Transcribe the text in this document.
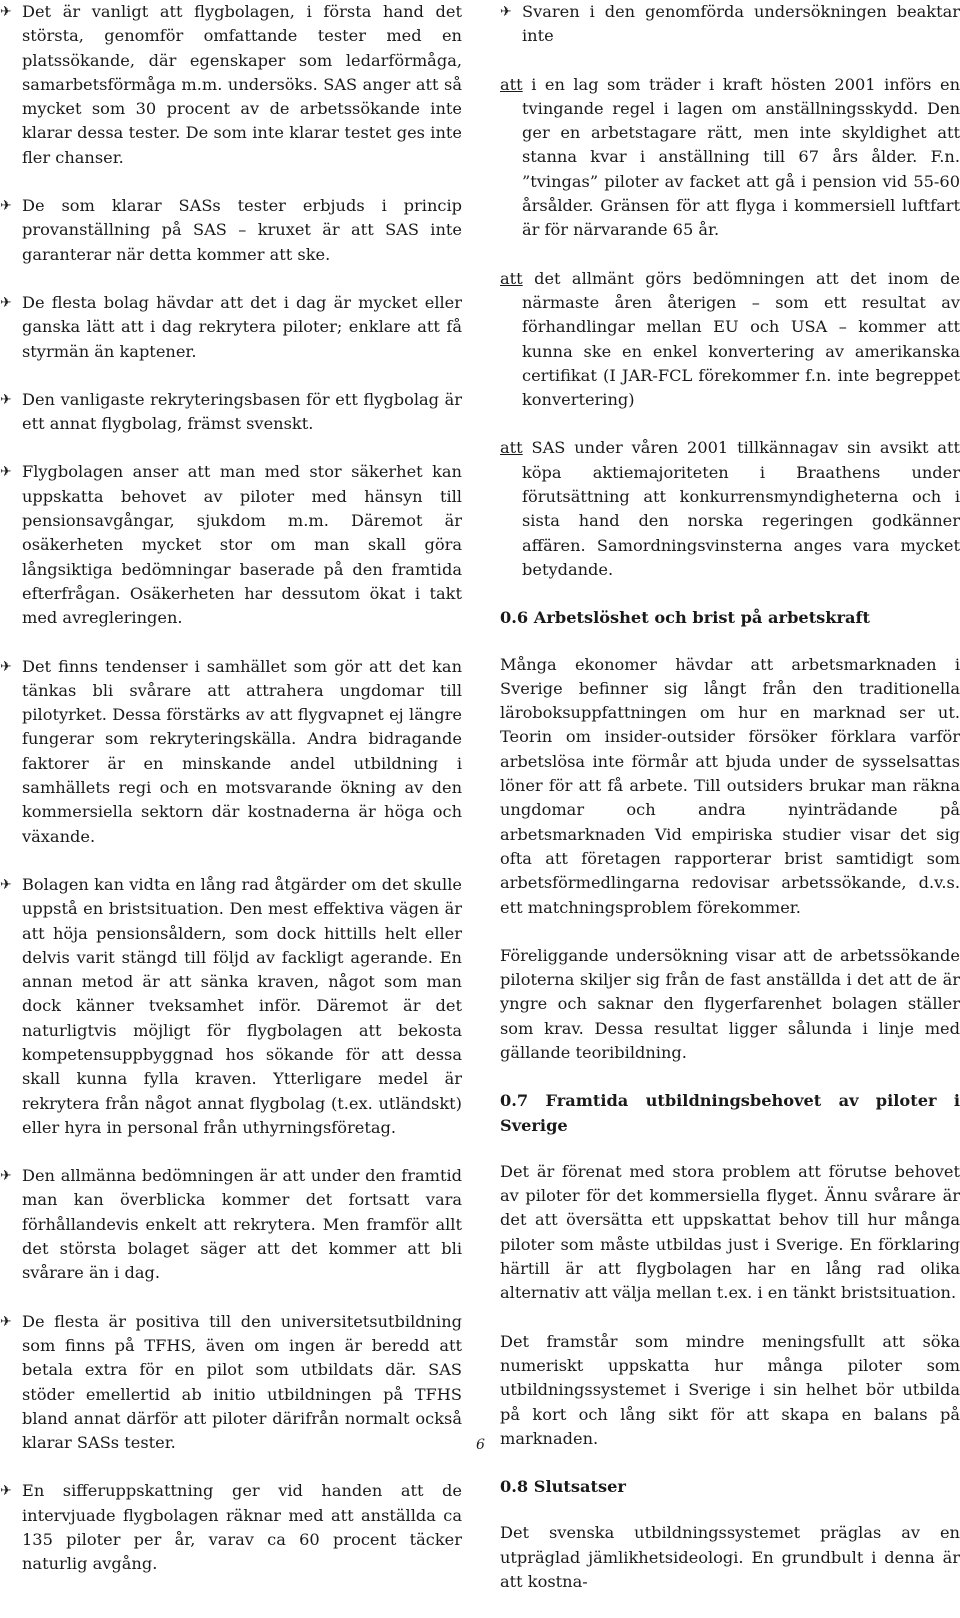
✈ Det är vanligt att flygbolagen, i första hand det största, genomför omfattande tester med en platssökande, där egenskaper som ledarförmåga, samarbetsförmåga m.m. undersöks. SAS anger att så mycket som 30 procent av de arbetssökande inte klarar dessa tester. De som inte klarar testet ges inte fler chanser.
✈ De som klarar SASs tester erbjuds i princip provanställning på SAS – kruxet är att SAS inte garanterar när detta kommer att ske.
✈ De flesta bolag hävdar att det i dag är mycket eller ganska lätt att i dag rekrytera piloter; enklare att få styrmän än kaptener.
✈ Den vanligaste rekryteringsbasen för ett flygbolag är ett annat flygbolag, främst svenskt.
✈ Flygbolagen anser att man med stor säkerhet kan uppskatta behovet av piloter med hänsyn till pensionsavgångar, sjukdom m.m. Däremot är osäkerheten mycket stor om man skall göra långsiktiga bedömningar baserade på den framtida efterfrågan. Osäkerheten har dessutom ökat i takt med avregleringen.
✈ Det finns tendenser i samhället som gör att det kan tänkas bli svårare att attrahera ungdomar till pilotyrket. Dessa förstärks av att flygvapnet ej längre fungerar som rekryteringskälla. Andra bidragande faktorer är en minskande andel utbildning i samhällets regi och en motsvarande ökning av den kommersiella sektorn där kostnaderna är höga och växande.
✈ Bolagen kan vidta en lång rad åtgärder om det skulle uppstå en bristsituation. Den mest effektiva vägen är att höja pensionsåldern, som dock hittills helt eller delvis varit stängd till följd av fackligt agerande. En annan metod är att sänka kraven, något som man dock känner tveksamhet inför. Däremot är det naturligtvis möjligt för flygbolagen att bekosta kompetensuppbyggnad hos sökande för att dessa skall kunna fylla kraven. Ytterligare medel är rekrytera från något annat flygbolag (t.ex. utländskt) eller hyra in personal från uthyrningsföretag.
✈ Den allmänna bedömningen är att under den framtid man kan överblicka kommer det fortsatt vara förhållandevis enkelt att rekrytera. Men framför allt det största bolaget säger att det kommer att bli svårare än i dag.
✈ De flesta är positiva till den universitetsutbildning som finns på TFHS, även om ingen är beredd att betala extra för en pilot som utbildats där. SAS stöder emellertid ab initio utbildningen på TFHS bland annat därför att piloter därifrån normalt också klarar SASs tester.
✈ En sifferuppskattning ger vid handen att de intervjuade flygbolagen räknar med att anställda ca 135 piloter per år, varav ca 60 procent täcker naturlig avgång.
✈ Svaren i den genomförda undersökningen beaktar inte
att i en lag som träder i kraft hösten 2001 införs en tvingande regel i lagen om anställningsskydd. Den ger en arbetstagare rätt, men inte skyldighet att stanna kvar i anställning till 67 års ålder. F.n. ”tvingas” piloter av facket att gå i pension vid 55-60 årsålder. Gränsen för att flyga i kommersiell luftfart är för närvarande 65 år.
att det allmänt görs bedömningen att det inom de närmaste åren återigen – som ett resultat av förhandlingar mellan EU och USA – kommer att kunna ske en enkel konvertering av amerikanska certifikat (I JAR-FCL förekommer f.n. inte begreppet konvertering)
att SAS under våren 2001 tillkännagav sin avsikt att köpa aktiemajoriteten i Braathens under förutsättning att konkurrensmyndigheterna och i sista hand den norska regeringen godkänner affären. Samordningsvinsterna anges vara mycket betydande.
0.6 Arbetslöshet och brist på arbetskraft

Många ekonomer hävdar att arbetsmarknaden i Sverige befinner sig långt från den traditionella läroboksuppfattningen om hur en marknad ser ut. Teorin om insider-outsider försöker förklara varför arbetslösa inte förmår att bjuda under de sysselsattas löner för att få arbete. Till outsiders brukar man räkna ungdomar och andra nyinträdande på arbetsmarknaden Vid empiriska studier visar det sig ofta att företagen rapporterar brist samtidigt som arbetsförmedlingarna redovisar arbetssökande, d.v.s. ett matchningsproblem förekommer.

Föreliggande undersökning visar att de arbetssökande piloterna skiljer sig från de fast anställda i det att de är yngre och saknar den flygerfarenhet bolagen ställer som krav. Dessa resultat ligger sålunda i linje med gällande teoribildning.

0.7 Framtida utbildningsbehovet av piloter i Sverige

Det är förenat med stora problem att förutse behovet av piloter för det kommersiella flyget. Ännu svårare är det att översätta ett uppskattat behov till hur många piloter som måste utbildas just i Sverige. En förklaring härtill är att flygbolagen har en lång rad olika alternativ att välja mellan t.ex. i en tänkt bristsituation.

Det framstår som mindre meningsfullt att söka numeriskt uppskatta hur många piloter som utbildningssystemet i Sverige i sin helhet bör utbilda på kort och lång sikt för att skapa en balans på marknaden.

0.8 Slutsatser

Det svenska utbildningssystemet präglas av en utpräglad jämlikhetsideologi. En grundbult i denna är att kostna-

6
